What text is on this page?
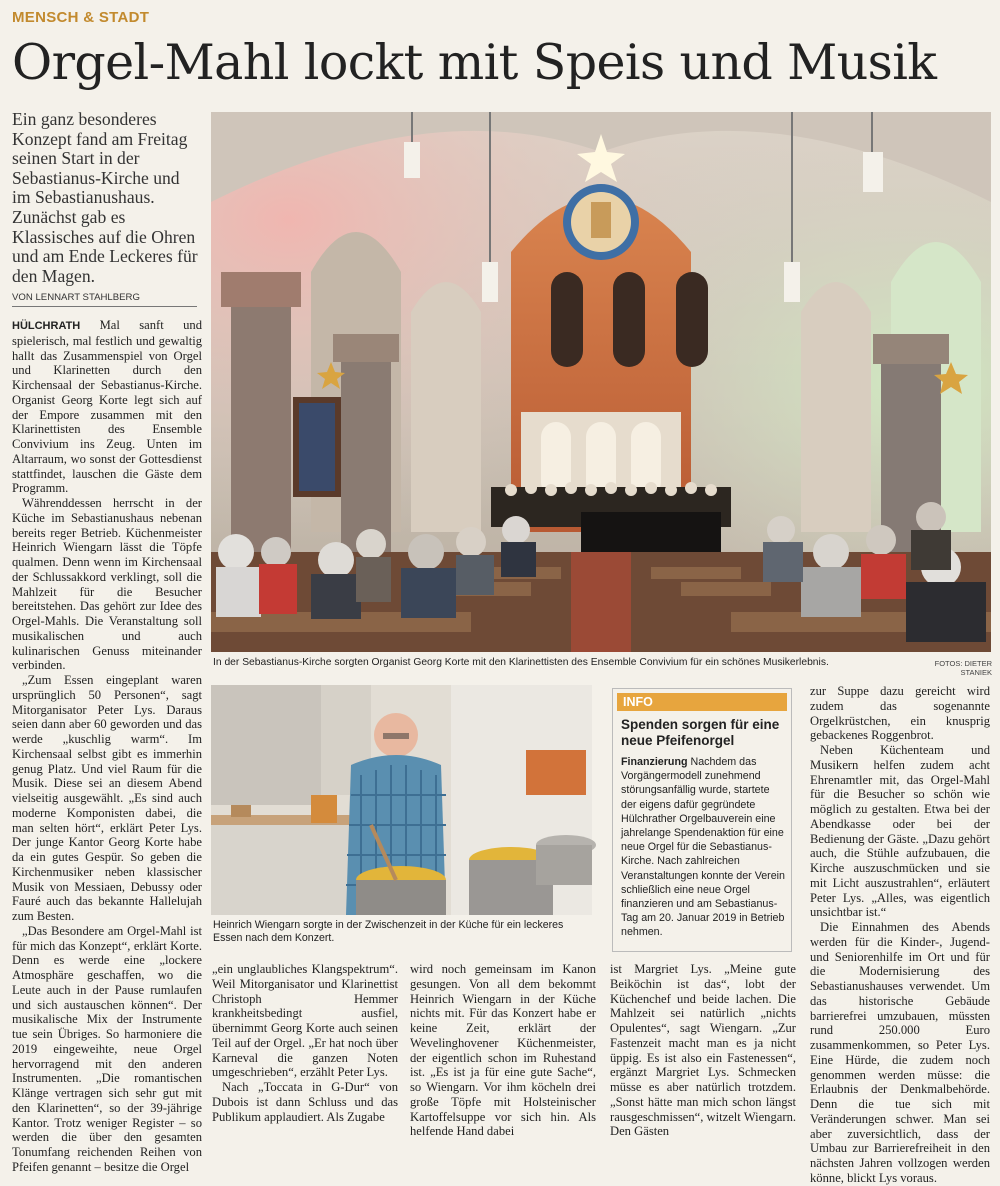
MENSCH & STADT
Orgel-Mahl lockt mit Speis und Musik
Ein ganz besonderes Konzept fand am Freitag seinen Start in der Sebastianus-Kirche und im Sebastianushaus. Zunächst gab es Klassisches auf die Ohren und am Ende Leckeres für den Magen.
VON LENNART STAHLBERG

HÜLCHRATH Mal sanft und spielerisch, mal festlich und gewaltig hallt das Zusammenspiel von Orgel und Klarinetten durch den Kirchensaal der Sebastianus-Kirche. Organist Georg Korte legt sich auf der Empore zusammen mit den Klarinettisten des Ensemble Convivium ins Zeug. Unten im Altarraum, wo sonst der Gottesdienst stattfindet, lauschen die Gäste dem Programm.

Währenddessen herrscht in der Küche im Sebastianushaus nebenan bereits reger Betrieb. Küchenmeister Heinrich Wiengarn lässt die Töpfe qualmen. Denn wenn im Kirchensaal der Schlussakkord verklingt, soll die Mahlzeit für die Besucher bereitstehen. Das gehört zur Idee des Orgel-Mahls. Die Veranstaltung soll musikalischen und auch kulinarischen Genuss miteinander verbinden.

„Zum Essen eingeplant waren ursprünglich 50 Personen“, sagt Mitorganisator Peter Lys. Daraus seien dann aber 60 geworden und das werde „kuschlig warm“. Im Kirchensaal selbst gibt es immerhin genug Platz. Und viel Raum für die Musik. Diese sei an diesem Abend vielseitig ausgewählt. „Es sind auch moderne Komponisten dabei, die man selten hört“, erklärt Peter Lys. Der junge Kantor Georg Korte habe da ein gutes Gespür. So geben die Kirchenmusiker neben klassischer Musik von Messiaen, Debussy oder Fauré auch das bekannte Hallelujah zum Besten.

„Das Besondere am Orgel-Mahl ist für mich das Konzept“, erklärt Korte. Denn es werde eine „lockere Atmosphäre geschaffen, wo die Leute auch in der Pause rumlaufen und sich austauschen können“. Der musikalische Mix der Instrumente tue sein Übriges. So harmoniere die 2019 eingeweihte, neue Orgel hervorragend mit den anderen Instrumenten. „Die romantischen Klänge vertragen sich sehr gut mit den Klarinetten“, so der 39-jährige Kantor. Trotz weniger Register – so werden die über den gesamten Tonumfang reichenden Reihen von Pfeifen genannt – besitze die Orgel

In der Sebastianus-Kirche sorgten Organist Georg Korte mit den Klarinettisten des Ensemble Convivium für ein schönes Musikerlebnis.	FOTOS: DIETER STANIEK
Heinrich Wiengarn sorgte in der Zwischenzeit in der Küche für ein leckeres Essen nach dem Konzert.
INFO
Spenden sorgen für eine neue Pfeifenorgel
Finanzierung Nachdem das Vorgängermodell zunehmend störungsanfällig wurde, startete der eigens dafür gegründete Hülchrather Orgelbauverein eine jahrelange Spendenaktion für eine neue Orgel für die Sebastianus-Kirche. Nach zahlreichen Veranstaltungen konnte der Verein schließlich eine neue Orgel finanzieren und am Sebastianus-Tag am 20. Januar 2019 in Betrieb nehmen.

„ein unglaubliches Klangspektrum“. Weil Mitorganisator und Klarinettist Christoph Hemmer krankheitsbedingt ausfiel, übernimmt Georg Korte auch seinen Teil auf der Orgel. „Er hat noch über Karneval die ganzen Noten umgeschrieben“, erzählt Peter Lys.

Nach „Toccata in G-Dur“ von Dubois ist dann Schluss und das Publikum applaudiert. Als Zugabe

wird noch gemeinsam im Kanon gesungen. Von all dem bekommt Heinrich Wiengarn in der Küche nichts mit. Für das Konzert habe er keine Zeit, erklärt der Wevelinghovener Küchenmeister, der eigentlich schon im Ruhestand ist. „Es ist ja für eine gute Sache“, so Wiengarn. Vor ihm köcheln drei große Töpfe mit Holsteinischer Kartoffelsuppe vor sich hin. Als helfende Hand dabei

ist Margriet Lys. „Meine gute Beiköchin ist das“, lobt der Küchenchef und beide lachen. Die Mahlzeit sei natürlich „nichts Opulentes“, sagt Wiengarn. „Zur Fastenzeit macht man es ja nicht üppig. Es ist also ein Fastenessen“, ergänzt Margriet Lys. Schmecken müsse es aber natürlich trotzdem. „Sonst hätte man mich schon längst rausgeschmissen“, witzelt Wiengarn. Den Gästen

zur Suppe dazu gereicht wird zudem das sogenannte Orgelkrüstchen, ein knusprig gebackenes Roggenbrot.

Neben Küchenteam und Musikern helfen zudem acht Ehrenamtler mit, das Orgel-Mahl für die Besucher so schön wie möglich zu gestalten. Etwa bei der Abendkasse oder bei der Bedienung der Gäste. „Dazu gehört auch, die Stühle aufzubauen, die Kirche auszuschmücken und sie mit Licht auszustrahlen“, erläutert Peter Lys. „Alles, was eigentlich unsichtbar ist.“

Die Einnahmen des Abends werden für die Kinder-, Jugend- und Seniorenhilfe im Ort und für die Modernisierung des Sebastianushauses verwendet. Um das historische Gebäude barrierefrei umzubauen, müssten rund 250.000 Euro zusammenkommen, so Peter Lys. Eine Hürde, die zudem noch genommen werden müsse: die Erlaubnis der Denkmalbehörde. Denn die tue sich mit Veränderungen schwer. Man sei aber zuversichtlich, dass der Umbau zur Barrierefreiheit in den nächsten Jahren vollzogen werden könne, blickt Lys voraus.
